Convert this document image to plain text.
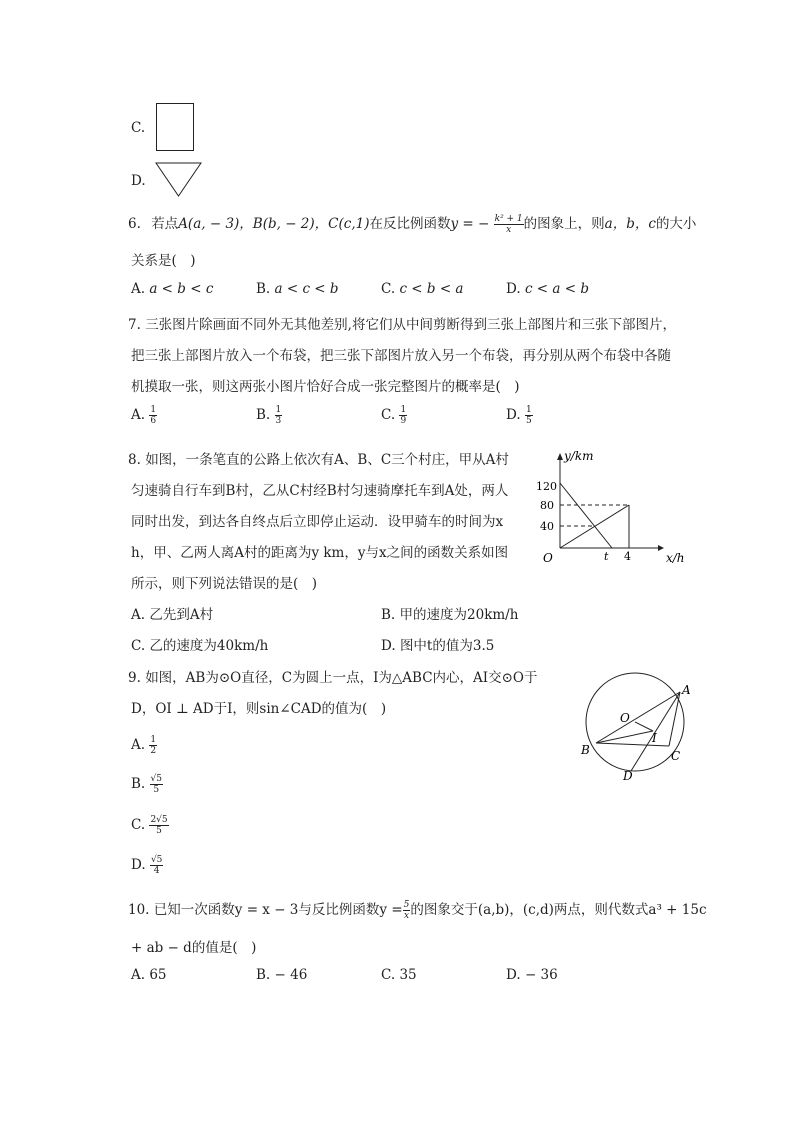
C.
D.
6. 若点A(a, − 3)，B(b, − 2)，C(c,1)在反比例函数y = − $\frac{\text{k² + 1}}{x}$ 的图象上，则a，b，c的大小
关系是(　)
A. a < b < c	B. a < c < b	C. c < b < a	D. c < a < b
7. 三张图片除画面不同外无其他差别,将它们从中间剪断得到三张上部图片和三张下部图片，
把三张上部图片放入一个布袋，把三张下部图片放入另一个布袋，再分别从两个布袋中各随
机摸取一张，则这两张小图片恰好合成一张完整图片的概率是(　)
A. $\frac{1}{6}$	B. $\frac{1}{3}$	C. $\frac{1}{9}$	D. $\frac{1}{5}$
8. 如图，一条笔直的公路上依次有A、B、C三个村庄，甲从A村
匀速骑自行车到B村，乙从C村经B村匀速骑摩托车到A处，两人
同时出发，到达各自终点后立即停止运动．设甲骑车的时间为x
h，甲、乙两人离A村的距离为y km，y与x之间的函数关系如图
所示，则下列说法错误的是(　)
y/km
x/h
O
120
80
40
t 4
A. 乙先到A村	B. 甲的速度为20km/h
C. 乙的速度为40km/h	D. 图中t的值为3.5
9. 如图，AB为⊙O直径，C为圆上一点，I为△ABC内心，AI交⊙O于
D，OI ⊥ AD于I，则sin∠CAD的值为(　)
A
B	C
D
O
I
A. $\frac{1}{2}$
B. $\frac{√5}{5}$
C. $\frac{2√5}{5}$
D. $\frac{√5}{4}$
10. 已知一次函数y = x − 3与反比例函数$y = \frac{5}{x}$ 的图象交于(a,b)，(c,d)两点，则代数式a³ + 15c
+ ab − d的值是(　)
A. 65	B. − 46	C. 35	D. − 36
